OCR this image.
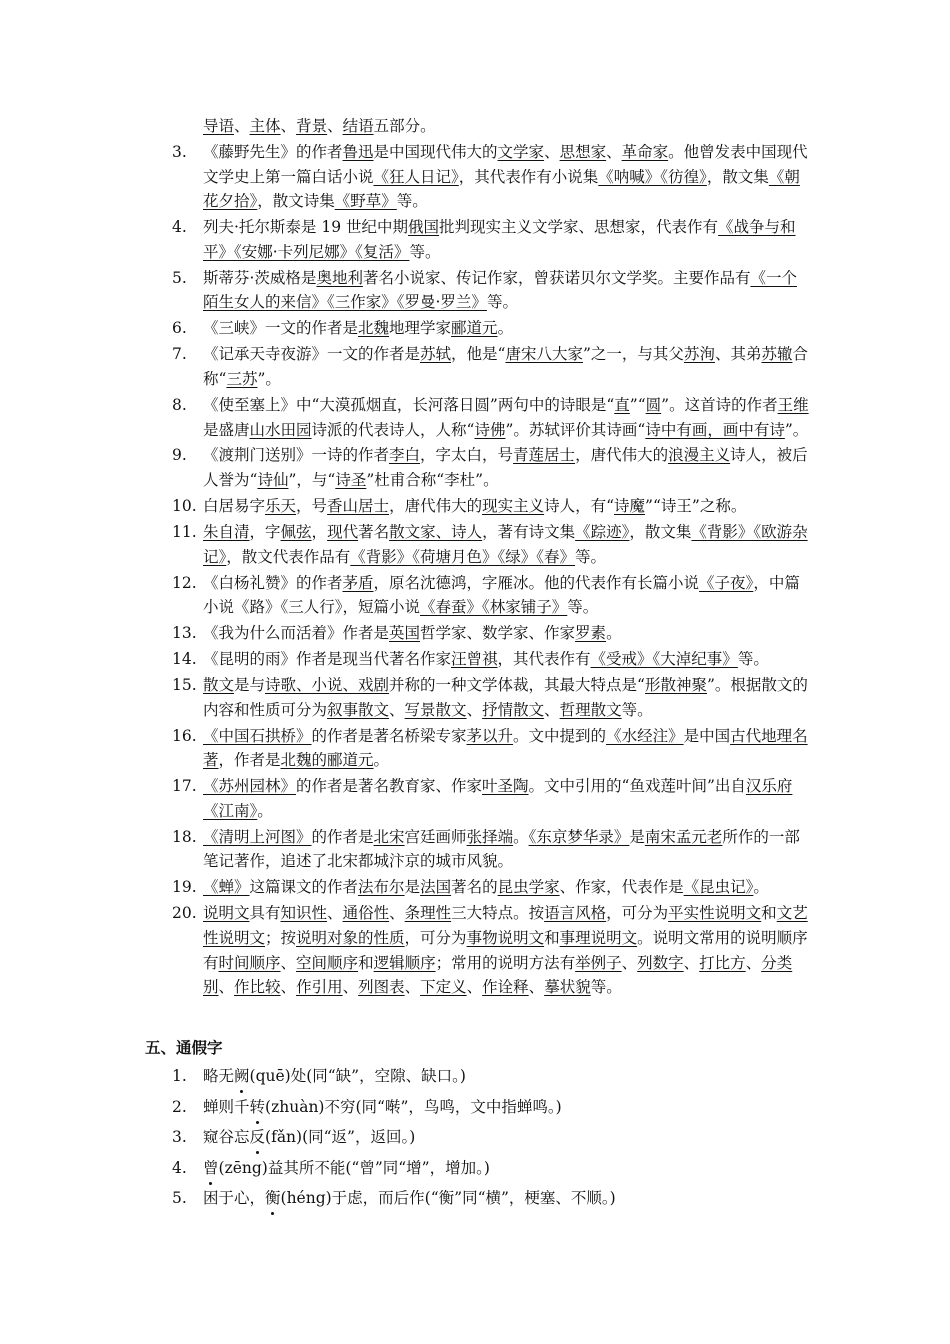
导语、主体、背景、结语五部分。
3. 《藤野先生》的作者鲁迅是中国现代伟大的文学家、思想家、革命家。他曾发表中国现代文学史上第一篇白话小说《狂人日记》，其代表作有小说集《呐喊》《彷徨》，散文集《朝花夕拾》，散文诗集《野草》等。
4. 列夫·托尔斯泰是 19 世纪中期俄国批判现实主义文学家、思想家，代表作有《战争与和平》《安娜·卡列尼娜》《复活》等。
5. 斯蒂芬·茨威格是奥地利著名小说家、传记作家，曾获诺贝尔文学奖。主要作品有《一个陌生女人的来信》《三作家》《罗曼·罗兰》等。
6. 《三峡》一文的作者是北魏地理学家郦道元。
7. 《记承天寺夜游》一文的作者是苏轼，他是“唐宋八大家”之一，与其父苏洵、其弟苏辙合称“三苏”。
8. 《使至塞上》中“大漠孤烟直，长河落日圆”两句中的诗眼是“直”“圆”。这首诗的作者王维是盛唐山水田园诗派的代表诗人，人称“诗佛”。苏轼评价其诗画“诗中有画，画中有诗”。
9. 《渡荆门送别》一诗的作者李白，字太白，号青莲居士，唐代伟大的浪漫主义诗人，被后人誉为“诗仙”，与“诗圣”杜甫合称“李杜”。
10. 白居易字乐天，号香山居士，唐代伟大的现实主义诗人，有“诗魔”“诗王”之称。
11. 朱自清，字佩弦，现代著名散文家、诗人，著有诗文集《踪迹》，散文集《背影》《欧游杂记》，散文代表作品有《背影》《荷塘月色》《绿》《春》等。
12. 《白杨礼赞》的作者茅盾，原名沈德鸿，字雁冰。他的代表作有长篇小说《子夜》，中篇小说《路》《三人行》，短篇小说《春蚕》《林家铺子》等。
13. 《我为什么而活着》作者是英国哲学家、数学家、作家罗素。
14. 《昆明的雨》作者是现当代著名作家汪曾祺，其代表作有《受戒》《大淖纪事》等。
15. 散文是与诗歌、小说、戏剧并称的一种文学体裁，其最大特点是“形散神聚”。根据散文的内容和性质可分为叙事散文、写景散文、抒情散文、哲理散文等。
16. 《中国石拱桥》的作者是著名桥梁专家茅以升。文中提到的《水经注》是中国古代地理名著，作者是北魏的郦道元。
17. 《苏州园林》的作者是著名教育家、作家叶圣陶。文中引用的“鱼戏莲叶间”出自汉乐府《江南》。
18. 《清明上河图》的作者是北宋宫廷画师张择端。《东京梦华录》是南宋孟元老所作的一部笔记著作，追述了北宋都城汴京的城市风貌。
19. 《蝉》这篇课文的作者法布尔是法国著名的昆虫学家、作家，代表作是《昆虫记》。
20. 说明文具有知识性、通俗性、条理性三大特点。按语言风格，可分为平实性说明文和文艺性说明文；按说明对象的性质，可分为事物说明文和事理说明文。说明文常用的说明顺序有时间顺序、空间顺序和逻辑顺序；常用的说明方法有举例子、列数字、打比方、分类别、作比较、作引用、列图表、下定义、作诠释、摹状貌等。
五、通假字
1. 略无阙(quē)处(同“缺”，空隙、缺口。)
2. 蝉则千转(zhuàn)不穷(同“啭”，鸟鸣，文中指蝉鸣。)
3. 窥谷忘反(fǎn)(同“返”，返回。)
4. 曾(zēng)益其所不能(“曾”同“增”，增加。)
5. 困于心，衡(héng)于虑，而后作(“衡”同“横”，梗塞、不顺。)
